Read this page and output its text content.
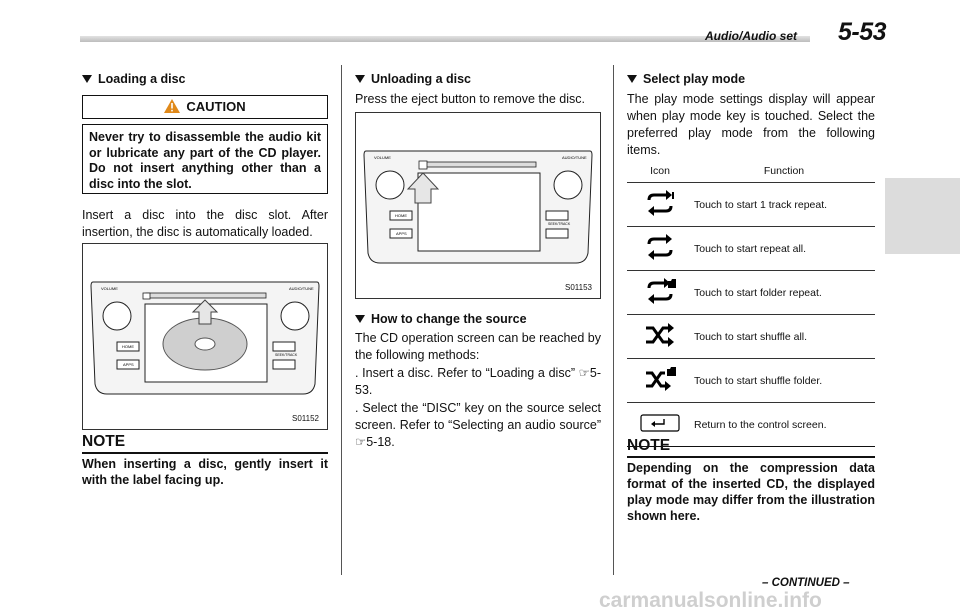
Audio/Audio set 5-53
Loading a disc
CAUTION
Never try to disassemble the audio kit or lubricate any part of the CD player. Do not insert anything other than a disc into the slot.
Insert a disc into the disc slot. After insertion, the disc is automatically loaded.
VOLUME	AUDIO/TUNE
HOME
APPS
SEEK/TRACK
S01152
NOTE
When inserting a disc, gently insert it with the label facing up.
Unloading a disc
Press the eject button to remove the disc.
VOLUME	AUDIO/TUNE
HOME
APPS
SEEK/TRACK
S01153
How to change the source
The CD operation screen can be reached by the following methods:
. Insert a disc. Refer to “Loading a disc” ☞5-53.
. Select the “DISC” key on the source select screen. Refer to “Selecting an audio source” ☞5-18.
Select play mode
The play mode settings display will appear when play mode key is touched. Select the preferred play mode from the following items.
Icon	Function
	Touch to start 1 track repeat.
	Touch to start repeat all.
	Touch to start folder repeat.
	Touch to start shuffle all.
	Touch to start shuffle folder.
	Return to the control screen.
NOTE
Depending on the compression data format of the inserted CD, the displayed play mode may differ from the illustration shown here.
– CONTINUED –
carmanualsonline.info
